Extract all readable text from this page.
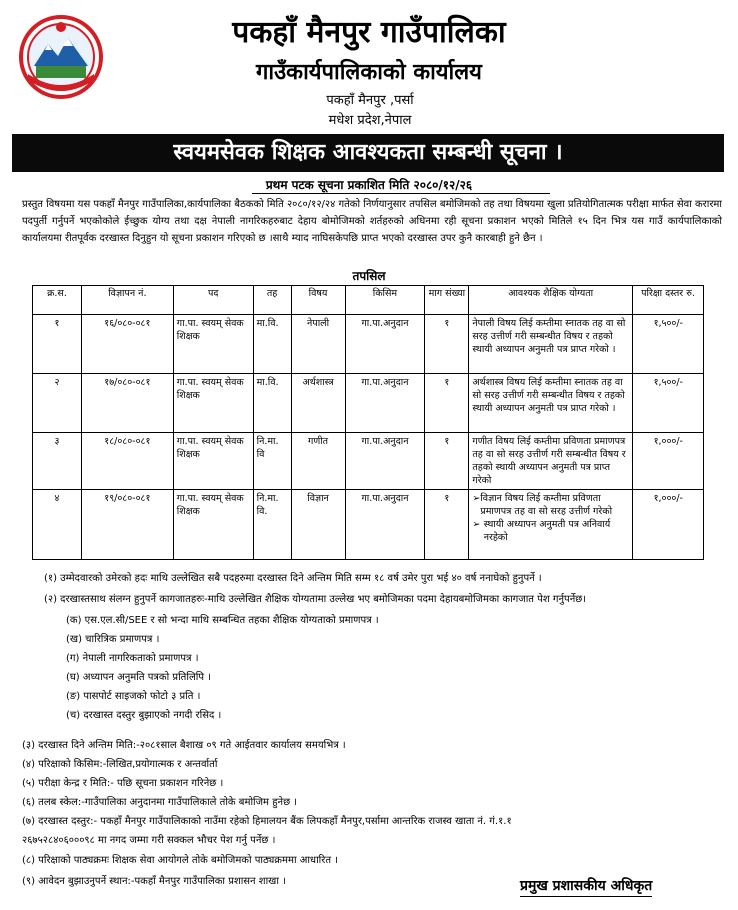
पकहाँ मैनपुर गाउँपालिका
गाउँकार्यपालिकाको कार्यालय
पकहाँ मैनपुर ,पर्सा
मधेश प्रदेश,नेपाल
स्वयमसेवक शिक्षक आवश्यकता सम्बन्धी सूचना ।
प्रथम पटक सूचना प्रकाशित मिति २०८०/१२/२६
प्रस्तुत विषयमा यस पकहाँ मैनपुर गाउँपालिका,कार्यपालिका बैठकको मिति २०८०/१२/२४ गतेको निर्णयानुसार तपसिल बमोजिमको तह तथा विषयमा खुला प्रतियोगितात्मक परीक्षा मार्फत सेवा करारमा पदपुर्ती गर्नुपर्ने भएकोकोले ईच्छुक योग्य तथा दक्ष नेपाली नागरिकहरुबाट देहाय बोमोजिमको शर्तहरुको अधिनमा रही सूचना प्रकाशन भएको मितिले १५ दिन भित्र यस गाउँ कार्यपालिकाको कार्यालयमा रीतपूर्वक दरखास्त दिनुहुन यो सूचना प्रकाशन गरिएको छ ।साथै म्याद नाघिसकेपछि प्राप्त भएको दरखास्त उपर कुनै कारबाही हुने छैन ।
तपसिल
क्र.स.	विज्ञापन नं.	पद	तह	विषय	किसिम	माग संख्या	आवश्यक शैक्षिक योग्यता	परिक्षा दस्तर रु.
१	१६/०८०-०८१	गा.पा. स्वयम् सेवक शिक्षक	मा.वि.	नेपाली	गा.पा.अनुदान	१	नेपाली विषय लिई कम्तीमा स्नातक तह वा सो सरह उत्तीर्ण गरी सम्बन्धीत विषय र तहको स्थायी अध्यापन अनुमती पत्र प्राप्त गरेको ।	१,५००/-
२	१७/०८०-०८१	गा.पा. स्वयम् सेवक शिक्षक	मा.वि.	अर्थशास्त्र	गा.पा.अनुदान	१	अर्थशास्त्र विषय लिई कम्तीमा स्नातक तह वा सो सरह उत्तीर्ण गरी सम्बन्धीत विषय र तहको स्थायी अध्यापन अनुमती पत्र प्राप्त गरेको ।	१,५००/-
३	१८/०८०-०८१	गा.पा. स्वयम् सेवक शिक्षक	नि.मा. वि	गणीत	गा.पा.अनुदान	१	गणीत विषय लिई कम्तीमा प्रविणता प्रमाणपत्र तह वा सो सरह उत्तीर्ण गरी सम्बन्धीत विषय र तहको स्थायी अध्यापन अनुमती पत्र प्राप्त गरेको	१,०००/-
४	१९/०८०-०८१	गा.पा. स्वयम् सेवक शिक्षक	नि.मा. वि.	विज्ञान	गा.पा.अनुदान	१	➢ विज्ञान विषय लिई कम्तीमा प्रविणता प्रमाणपत्र तह वा सो सरह उत्तीर्ण गरेको
➢ स्थायी अध्यापन अनुमती पत्र अनिवार्य नरहेको	१,०००/-
(१) उम्मेदवारको उमेरको हदः माथि उल्लेखित सबै पदहरुमा दरखास्त दिने अन्तिम मिति सम्म १८ वर्ष उमेर पुरा भई ४० वर्ष ननाघेको हुनुपर्ने ।
(२) दरखास्तसाथ संलग्न हुनुपर्ने कागजातहरुः-माथि उल्लेखित शैक्षिक योग्यतामा उल्लेख भए बमोजिमका पदमा देहायबमोजिमका कागजात पेश गर्नुपर्नेछ।
(क) एस.एल.सी/SEE र सो भन्दा माथि सम्बन्धित तहका शैक्षिक योग्यताको प्रमाणपत्र ।
(ख) चारित्रिक प्रमाणपत्र ।
(ग) नेपाली नागरिकताको प्रमाणपत्र ।
(घ) अध्यापन अनुमति पत्रको प्रतिलिपि ।
(ङ) पासपोर्ट साइजको फोटो ३ प्रति ।
(च) दरखास्त दस्तुर बुझाएको नगदी रसिद ।
(३) दरखास्त दिने अन्तिम मिति:-२०८१साल बैशाख ०९ गते आईतवार कार्यालय समयभित्र ।
(४) परिक्षाको किसिम:-लिखित,प्रयोगात्मक र अन्तर्वार्ता
(५) परीक्षा केन्द्र र मिति:- पछि सूचना प्रकाशन गरिनेछ ।
(६) तलब स्केल:-गाउँपालिका अनुदानमा गाउँपालिकाले तोके बमोजिम हुनेछ ।
(७) दरखास्त दस्तुर:- पकहाँ मैनपुर गाउँपालिकाको नाउँमा रहेको हिमालयन बैंक लिपकहाँ मैनपुर,पर्सामा आन्तरिक राजस्व खाता नं. गं.१.१
२६७५२८४०६०००९८ मा नगद जम्मा गरी सक्कल भौचर पेश गर्नु पर्नेछ ।
(८) परिक्षाको पाठ्यक्रमः शिक्षक सेवा आयोगले तोके बमोजिमको पाठ्यक्रममा आधारित ।
(९) आवेदन बुझाउनुपर्ने स्थान:-पकहाँ मैनपुर गाउँपालिका प्रशासन शाखा ।	प्रमुख प्रशासकीय अधिकृत
